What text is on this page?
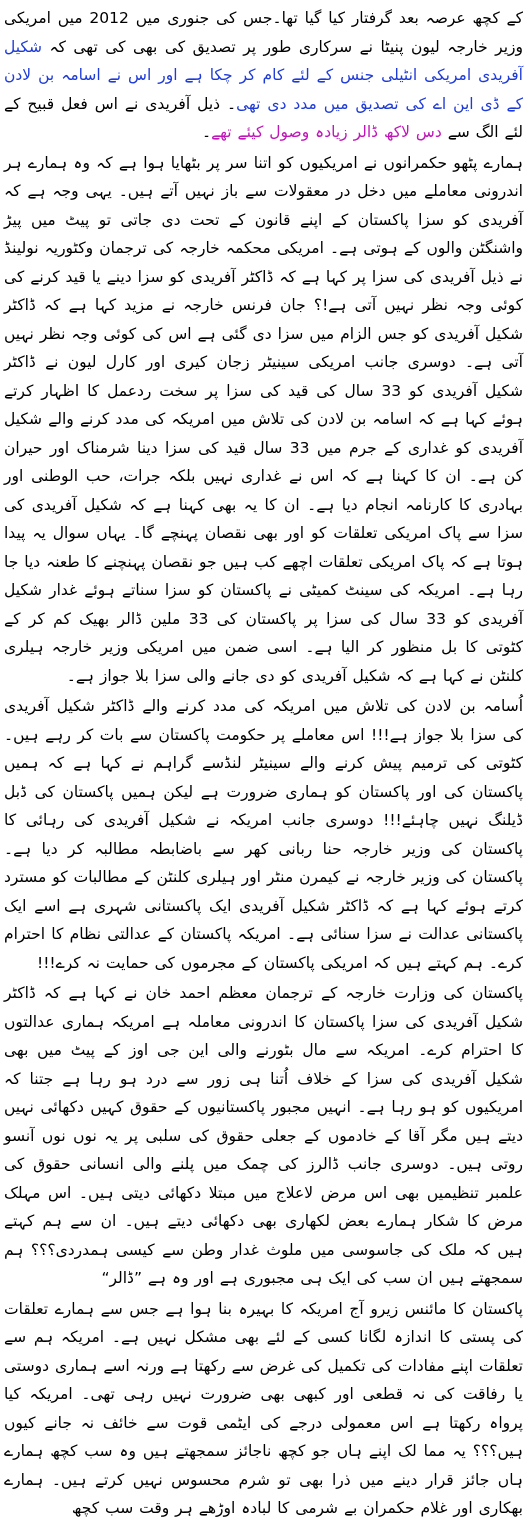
کے کچھ عرصہ بعد گرفتار کیا گیا تھا۔جس کی جنوری میں 2012 میں امریکی وزیر خارجہ لیون پنیٹا نے سرکاری طور پر تصدیق کی بھی کی تھی کہ شکیل آفریدی امریکی انٹیلی جنس کے لئے کام کر چکا ہے اور اس نے اسامہ بن لادن کے ڈی این اے کی تصدیق میں مدد دی تھی۔ ذیل آفریدی نے اس فعل قبیح کے لئے الگ سے دس لاکھ ڈالر زیادہ وصول کیئے تھے۔

ہمارے پٹھو حکمرانوں نے امریکیوں کو اتنا سر پر بٹھایا ہوا ہے کہ وہ ہمارے ہر اندرونی معاملے میں دخل در معقولات سے باز نہیں آتے ہیں۔ یہی وجہ ہے کہ آفریدی کو سزا پاکستان کے اپنے قانون کے تحت دی جاتی تو پیٹ میں پیڑ واشنگٹن والوں کے ہوتی ہے۔ امریکی محکمہ خارجہ کی ترجمان وکٹوریہ نولینڈ نے ذیل آفریدی کی سزا پر کہا ہے کہ ڈاکٹر آفریدی کو سزا دینے یا قید کرنے کی کوئی وجہ نظر نہیں آتی ہے!؟ جان فرنس خارجہ نے مزید کہا ہے کہ ڈاکٹر شکیل آفریدی کو جس الزام میں سزا دی گئی ہے اس کی کوئی وجہ نظر نہیں آتی ہے۔ دوسری جانب امریکی سینیٹر زجان کیری اور کارل لیون نے ڈاکٹر شکیل آفریدی کو 33 سال کی قید کی سزا پر سخت ردعمل کا اظہار کرتے ہوئے کہا ہے کہ اسامہ بن لادن کی تلاش میں امریکہ کی مدد کرنے والے شکیل آفریدی کو غداری کے جرم میں 33 سال قید کی سزا دینا شرمناک اور حیران کن ہے۔ ان کا کہنا ہے کہ اس نے غداری نہیں بلکہ جرات، حب الوطنی اور بہادری کا کارنامہ انجام دیا ہے۔ ان کا یہ بھی کہنا ہے کہ شکیل آفریدی کی سزا سے پاک امریکی تعلقات کو اور بھی نقصان پہنچے گا۔ یہاں سوال یہ پیدا ہوتا ہے کہ پاک امریکی تعلقات اچھے کب ہیں جو نقصان پہنچنے کا طعنہ دیا جا رہا ہے۔ امریکہ کی سینٹ کمیٹی نے پاکستان کو سزا سناتے ہوئے غدار شکیل آفریدی کو 33 سال کی سزا پر پاکستان کی 33 ملین ڈالر بھیک کم کر کے کٹوتی کا بل منظور کر الیا ہے۔ اسی ضمن میں امریکی وزیر خارجہ ہیلری کلنٹن نے کہا ہے کہ شکیل آفریدی کو دی جانے والی سزا بلا جواز ہے۔

اُسامہ بن لادن کی تلاش میں امریکہ کی مدد کرنے والے ڈاکٹر شکیل آفریدی کی سزا بلا جواز ہے!!! اس معاملے پر حکومت پاکستان سے بات کر رہے ہیں۔ کٹوتی کی ترمیم پیش کرنے والے سینیٹر لنڈسے گراہم نے کہا ہے کہ ہمیں پاکستان کی اور پاکستان کو ہماری ضرورت ہے لیکن ہمیں پاکستان کی ڈبل ڈیلنگ نہیں چاہئے!!! دوسری جانب امریکہ نے شکیل آفریدی کی رہائی کا پاکستان کی وزیر خارجہ حنا ربانی کھر سے باضابطہ مطالبہ کر دیا ہے۔ پاکستان کی وزیر خارجہ نے کیمرن منٹر اور ہیلری کلنٹن کے مطالبات کو مسترد کرتے ہوئے کہا ہے کہ ڈاکٹر شکیل آفریدی ایک پاکستانی شہری ہے اسے ایک پاکستانی عدالت نے سزا سنائی ہے۔ امریکہ پاکستان کے عدالتی نظام کا احترام کرے۔ ہم کہتے ہیں کہ امریکی پاکستان کے مجرموں کی حمایت نہ کرے!!!

پاکستان کی وزارت خارجہ کے ترجمان معظم احمد خان نے کہا ہے کہ ڈاکٹر شکیل آفریدی کی سزا پاکستان کا اندرونی معاملہ ہے امریکہ ہماری عدالتوں کا احترام کرے۔ امریکہ سے مال بٹورنے والی این جی اوز کے پیٹ میں بھی شکیل آفریدی کی سزا کے خلاف اُتنا ہی زور سے درد ہو رہا ہے جتنا کہ امریکیوں کو ہو رہا ہے۔ انہیں مجبور پاکستانیوں کے حقوق کہیں دکھائی نہیں دیتے ہیں مگر آقا کے خادموں کے جعلی حقوق کی سلبی پر یہ نوں نوں آنسو روتی ہیں۔ دوسری جانب ڈالرز کی چمک میں پلنے والی انسانی حقوق کی علمبر تنظیمیں بھی اس مرض لاعلاج میں مبتلا دکھائی دیتی ہیں۔ اس مہلک مرض کا شکار ہمارے بعض لکھاری بھی دکھائی دیتے ہیں۔ ان سے ہم کہتے ہیں کہ ملک کی جاسوسی میں ملوث غدار وطن سے کیسی ہمدردی؟؟؟ ہم سمجھتے ہیں ان سب کی ایک ہی مجبوری ہے اور وہ ہے ”ڈالر“

پاکستان کا مائنس زیرو آج امریکہ کا بہیرہ بنا ہوا ہے جس سے ہمارے تعلقات کی پستی کا اندازہ لگانا کسی کے لئے بھی مشکل نہیں ہے۔ امریکہ ہم سے تعلقات اپنے مفادات کی تکمیل کی غرض سے رکھتا ہے ورنہ اسے ہماری دوستی یا رفاقت کی نہ قطعی اور کبھی بھی ضرورت نہیں رہی تھی۔ امریکہ کیا پرواہ رکھتا ہے اس معمولی درجے کی ایٹمی قوت سے خائف نہ جانے کیوں ہیں؟؟؟ یہ مما لک اپنے ہاں جو کچھ ناجائز سمجھتے ہیں وہ سب کچھ ہمارے ہاں جائز قرار دینے میں ذرا بھی تو شرم محسوس نہیں کرتے ہیں۔ ہمارے بھکاری اور غلام حکمران بے شرمی کا لبادہ اوڑھے ہر وقت سب کچھ
